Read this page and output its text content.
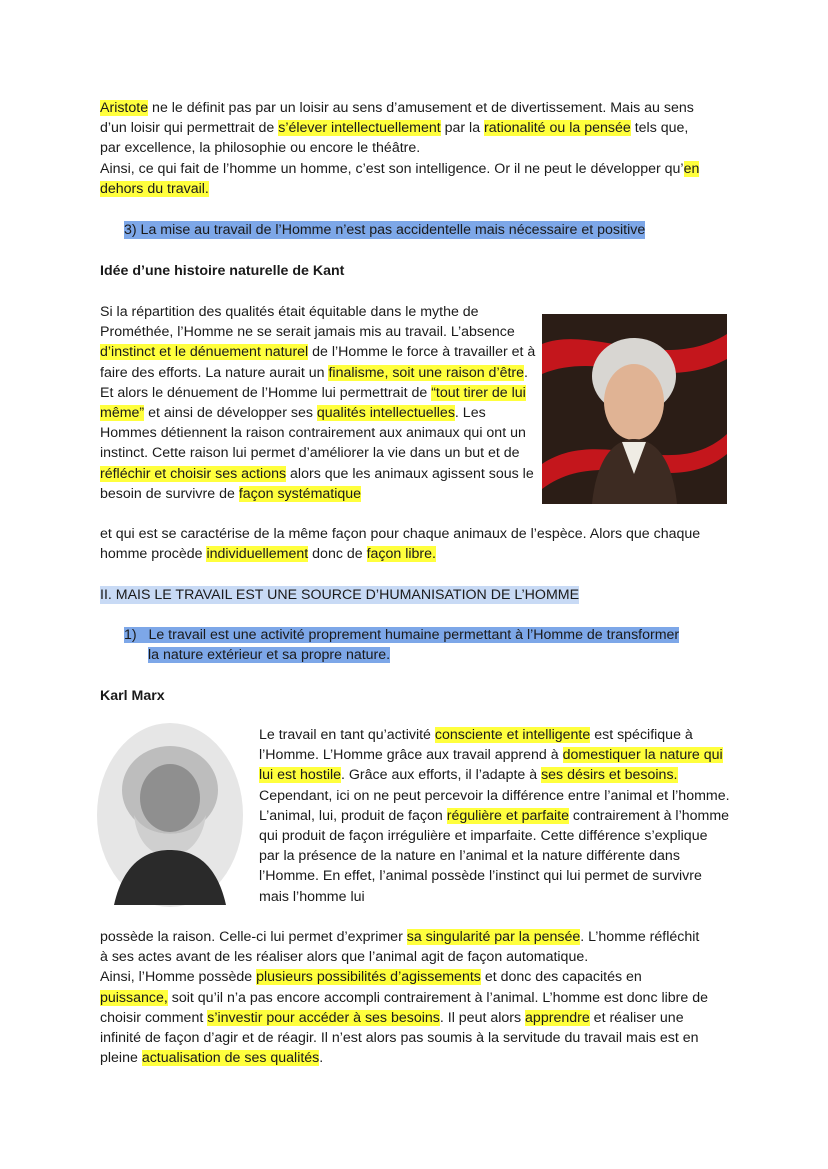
Aristote ne le définit pas par un loisir au sens d’amusement et de divertissement. Mais au sens d’un loisir qui permettrait de s’élever intellectuellement par la rationalité ou la pensée tels que, par excellence, la philosophie ou encore le théâtre.
Ainsi, ce qui fait de l’homme un homme, c’est son intelligence. Or il ne peut le développer qu’en dehors du travail.
3) La mise au travail de l’Homme n’est pas accidentelle mais nécessaire et positive
Idée d’une histoire naturelle de Kant
Si la répartition des qualités était équitable dans le mythe de Prométhée, l’Homme ne se serait jamais mis au travail. L’absence d’instinct et le dénuement naturel de l’Homme le force à travailler et à faire des efforts. La nature aurait un finalisme, soit une raison d’être. Et alors le dénuement de l’Homme lui permettrait de “tout tirer de lui même” et ainsi de développer ses qualités intellectuelles. Les Hommes détiennent la raison contrairement aux animaux qui ont un instinct. Cette raison lui permet d’améliorer la vie dans un but et de réfléchir et choisir ses actions alors que les animaux agissent sous le besoin de survivre de façon systématique
et qui est se caractérise de la même façon pour chaque animaux de l’espèce. Alors que chaque homme procède individuellement donc de façon libre.
II. MAIS LE TRAVAIL EST UNE SOURCE D’HUMANISATION DE L’HOMME
1) Le travail est une activité proprement humaine permettant à l’Homme de transformer
la nature extérieur et sa propre nature.
Karl Marx
Le travail en tant qu’activité consciente et intelligente est spécifique à l’Homme. L’Homme grâce aux travail apprend à domestiquer la nature qui lui est hostile. Grâce aux efforts, il l’adapte à ses désirs et besoins.
Cependant, ici on ne peut percevoir la différence entre l’animal et l’homme. L’animal, lui, produit de façon régulière et parfaite contrairement à l’homme qui produit de façon irrégulière et imparfaite. Cette différence s’explique par la présence de la nature en l’animal et la nature différente dans l’Homme. En effet, l’animal possède l’instinct qui lui permet de survivre mais l’homme lui
possède la raison. Celle-ci lui permet d’exprimer sa singularité par la pensée. L’homme réfléchit à ses actes avant de les réaliser alors que l’animal agit de façon automatique.
Ainsi, l’Homme possède plusieurs possibilités d’agissements et donc des capacités en puissance, soit qu’il n’a pas encore accompli contrairement à l’animal. L’homme est donc libre de choisir comment s’investir pour accéder à ses besoins. Il peut alors apprendre et réaliser une infinité de façon d’agir et de réagir. Il n’est alors pas soumis à la servitude du travail mais est en pleine actualisation de ses qualités.
